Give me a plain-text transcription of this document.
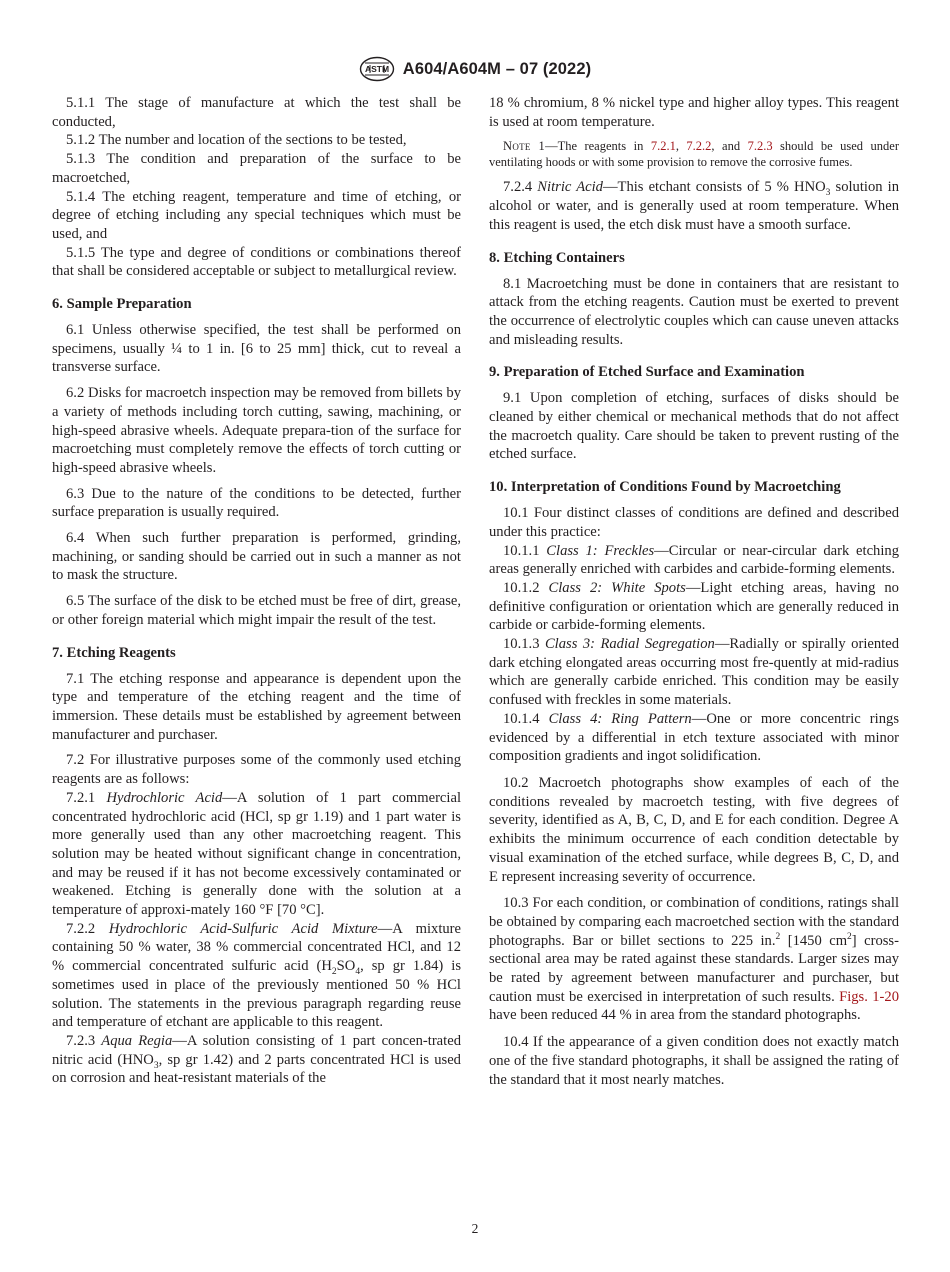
ASTM A604/A604M – 07 (2022)

5.1.1 The stage of manufacture at which the test shall be conducted,

5.1.2 The number and location of the sections to be tested,

5.1.3 The condition and preparation of the surface to be macroetched,

5.1.4 The etching reagent, temperature and time of etching, or degree of etching including any special techniques which must be used, and

5.1.5 The type and degree of conditions or combinations thereof that shall be considered acceptable or subject to metallurgical review.

6. Sample Preparation

6.1 Unless otherwise specified, the test shall be performed on specimens, usually ¼ to 1 in. [6 to 25 mm] thick, cut to reveal a transverse surface.

6.2 Disks for macroetch inspection may be removed from billets by a variety of methods including torch cutting, sawing, machining, or high-speed abrasive wheels. Adequate prepara-tion of the surface for macroetching must completely remove the effects of torch cutting or high-speed abrasive wheels.

6.3 Due to the nature of the conditions to be detected, further surface preparation is usually required.

6.4 When such further preparation is performed, grinding, machining, or sanding should be carried out in such a manner as not to mask the structure.

6.5 The surface of the disk to be etched must be free of dirt, grease, or other foreign material which might impair the result of the test.

7. Etching Reagents

7.1 The etching response and appearance is dependent upon the type and temperature of the etching reagent and the time of immersion. These details must be established by agreement between manufacturer and purchaser.

7.2 For illustrative purposes some of the commonly used etching reagents are as follows:

7.2.1 Hydrochloric Acid—A solution of 1 part commercial concentrated hydrochloric acid (HCl, sp gr 1.19) and 1 part water is more generally used than any other macroetching reagent. This solution may be heated without significant change in concentration, and may be reused if it has not become excessively contaminated or weakened. Etching is generally done with the solution at a temperature of approxi-mately 160 °F [70 °C].

7.2.2 Hydrochloric Acid-Sulfuric Acid Mixture—A mixture containing 50 % water, 38 % commercial concentrated HCl, and 12 % commercial concentrated sulfuric acid ($H_2SO_4$, sp gr 1.84) is sometimes used in place of the previously mentioned 50 % HCl solution. The statements in the previous paragraph regarding reuse and temperature of etchant are applicable to this reagent.

7.2.3 Aqua Regia—A solution consisting of 1 part concen-trated nitric acid ($HNO_3$, sp gr 1.42) and 2 parts concentrated HCl is used on corrosion and heat-resistant materials of the

18 % chromium, 8 % nickel type and higher alloy types. This reagent is used at room temperature.

Note 1—The reagents in 7.2.1, 7.2.2, and 7.2.3 should be used under ventilating hoods or with some provision to remove the corrosive fumes.

7.2.4 Nitric Acid—This etchant consists of 5 % $HNO_3$ solution in alcohol or water, and is generally used at room temperature. When this reagent is used, the etch disk must have a smooth surface.

8. Etching Containers

8.1 Macroetching must be done in containers that are resistant to attack from the etching reagents. Caution must be exerted to prevent the occurrence of electrolytic couples which can cause uneven attacks and misleading results.

9. Preparation of Etched Surface and Examination

9.1 Upon completion of etching, surfaces of disks should be cleaned by either chemical or mechanical methods that do not affect the macroetch quality. Care should be taken to prevent rusting of the etched surface.

10. Interpretation of Conditions Found by Macroetching

10.1 Four distinct classes of conditions are defined and described under this practice:

10.1.1 Class 1: Freckles—Circular or near-circular dark etching areas generally enriched with carbides and carbide-forming elements.

10.1.2 Class 2: White Spots—Light etching areas, having no definitive configuration or orientation which are generally reduced in carbide or carbide-forming elements.

10.1.3 Class 3: Radial Segregation—Radially or spirally oriented dark etching elongated areas occurring most fre-quently at mid-radius which are generally carbide enriched. This condition may be easily confused with freckles in some materials.

10.1.4 Class 4: Ring Pattern—One or more concentric rings evidenced by a differential in etch texture associated with minor composition gradients and ingot solidification.

10.2 Macroetch photographs show examples of each of the conditions revealed by macroetch testing, with five degrees of severity, identified as A, B, C, D, and E for each condition. Degree A exhibits the minimum occurrence of each condition detectable by visual examination of the etched surface, while degrees B, C, D, and E represent increasing severity of occurrence.

10.3 For each condition, or combination of conditions, ratings shall be obtained by comparing each macroetched section with the standard photographs. Bar or billet sections to 225 in.$^2$ [1450 $cm^2$] cross-sectional area may be rated against these standards. Larger sizes may be rated by agreement between manufacturer and purchaser, but caution must be exercised in interpretation of such results. Figs. 1-20 have been reduced 44 % in area from the standard photographs.

10.4 If the appearance of a given condition does not exactly match one of the five standard photographs, it shall be assigned the rating of the standard that it most nearly matches.

2
